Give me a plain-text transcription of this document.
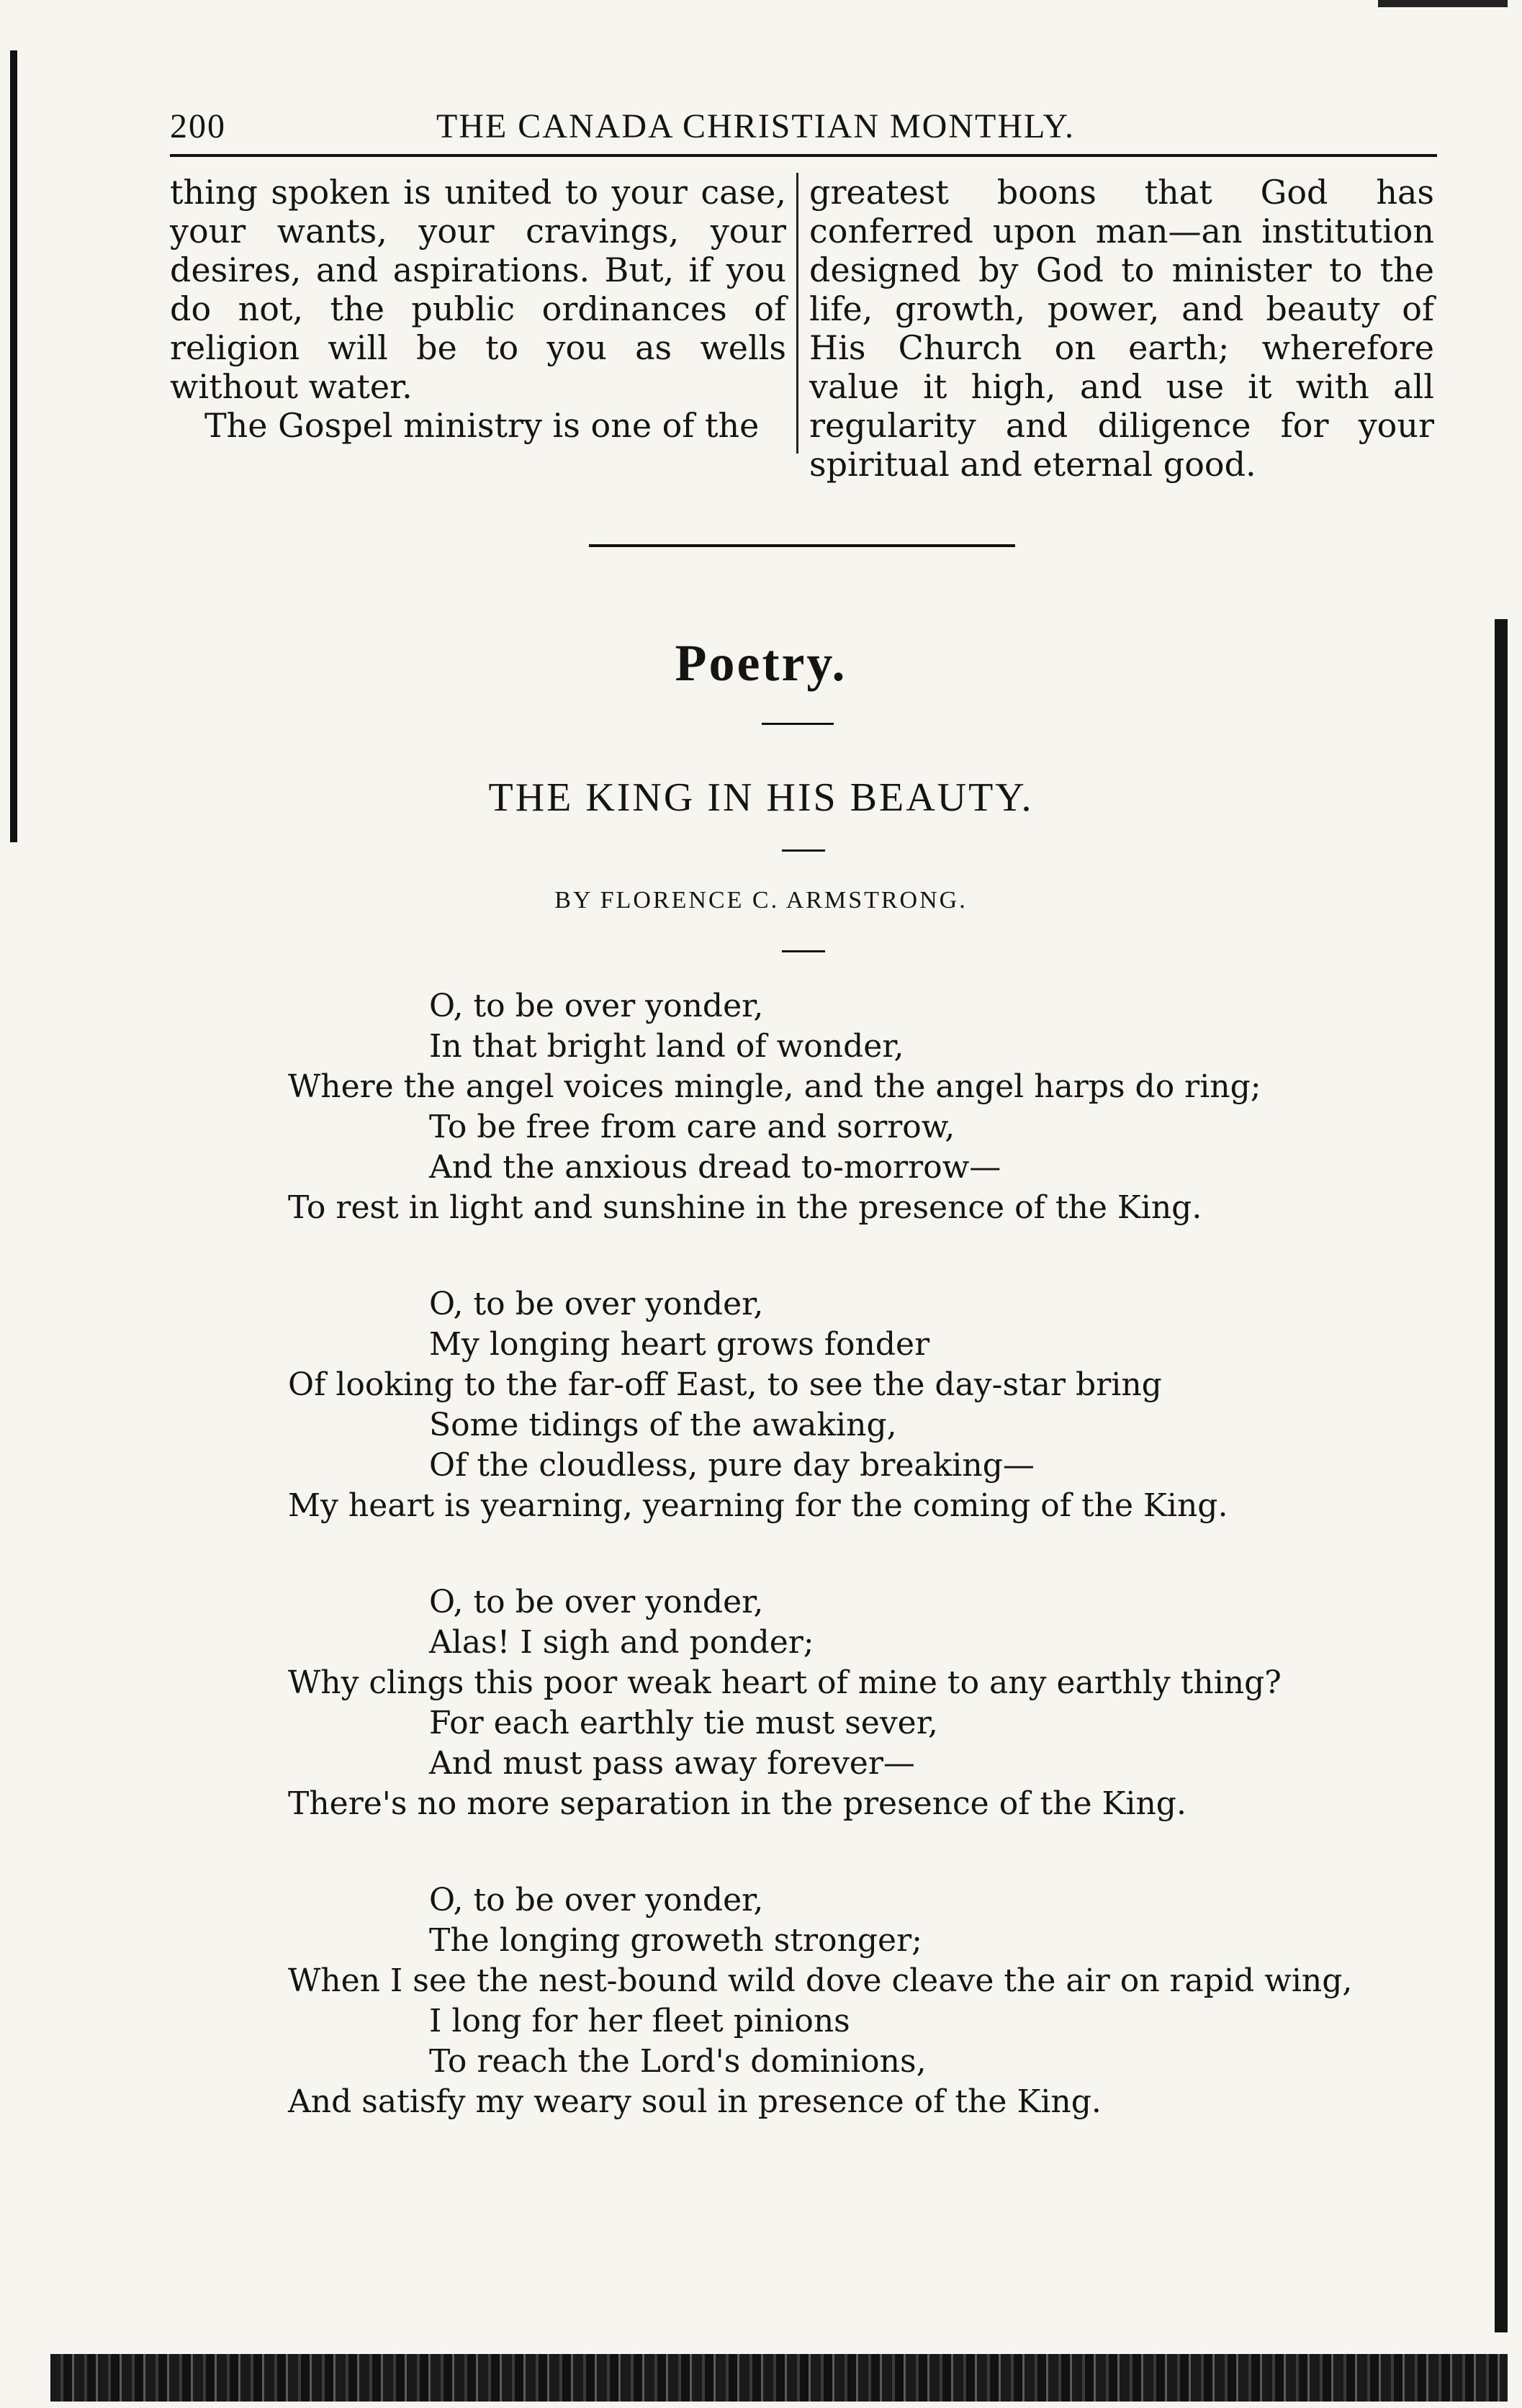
200	THE CANADA CHRISTIAN MONTHLY.

thing spoken is united to your case, your wants, your cravings, your desires, and aspirations. But, if you do not, the public ordinances of religion will be to you as wells without water.

The Gospel ministry is one of the

greatest boons that God has conferred upon man—an institution designed by God to minister to the life, growth, power, and beauty of His Church on earth; wherefore value it high, and use it with all regularity and diligence for your spiritual and eternal good.

Poetry.
THE KING IN HIS BEAUTY.
BY FLORENCE C. ARMSTRONG.
O, to be over yonder,
In that bright land of wonder,
Where the angel voices mingle, and the angel harps do ring;
To be free from care and sorrow,
And the anxious dread to-morrow—
To rest in light and sunshine in the presence of the King.
O, to be over yonder,
My longing heart grows fonder
Of looking to the far-off East, to see the day-star bring
Some tidings of the awaking,
Of the cloudless, pure day breaking—
My heart is yearning, yearning for the coming of the King.
O, to be over yonder,
Alas! I sigh and ponder;
Why clings this poor weak heart of mine to any earthly thing?
For each earthly tie must sever,
And must pass away forever—
There's no more separation in the presence of the King.
O, to be over yonder,
The longing groweth stronger;
When I see the nest-bound wild dove cleave the air on rapid wing,
I long for her fleet pinions
To reach the Lord's dominions,
And satisfy my weary soul in presence of the King.
